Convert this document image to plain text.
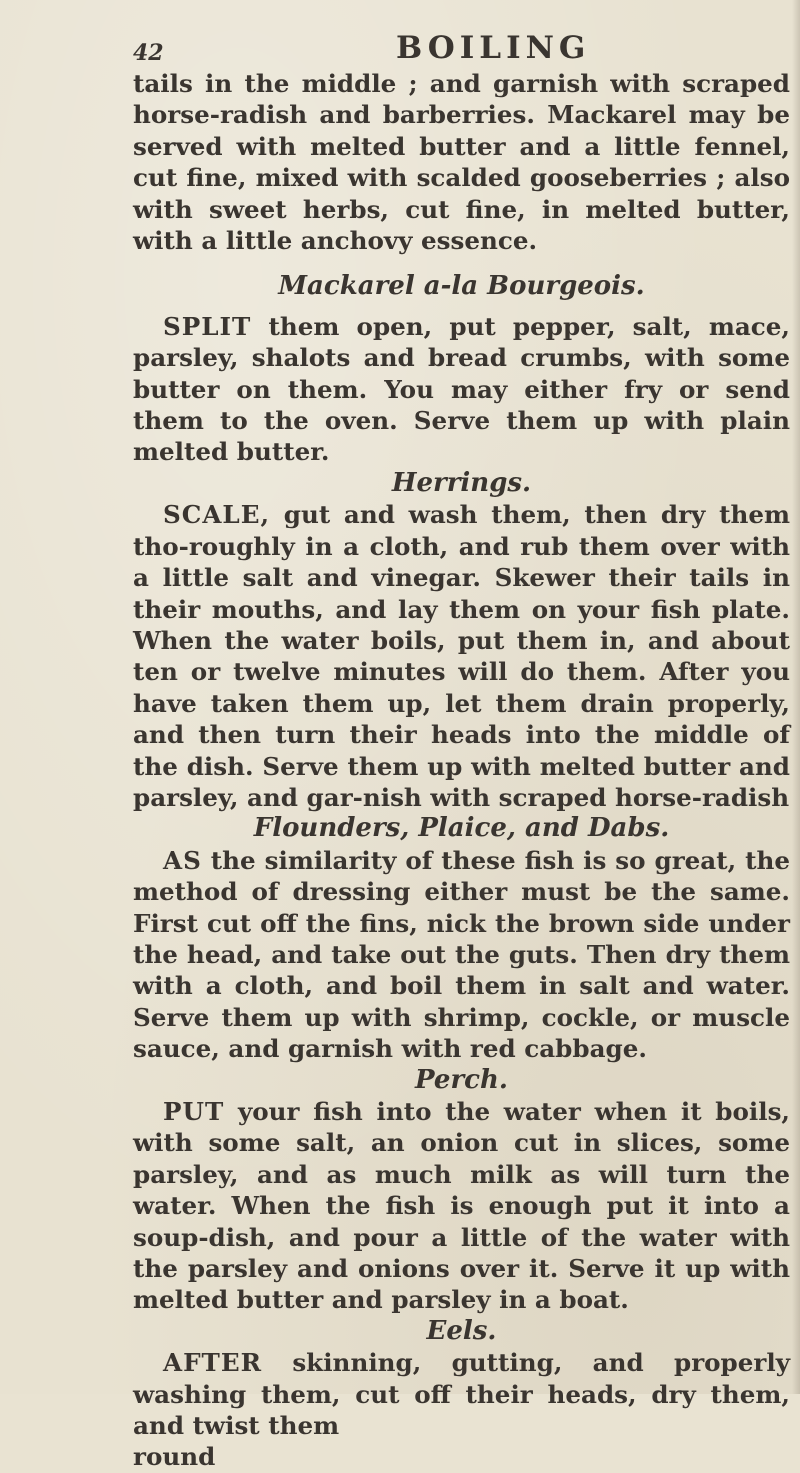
42	BOILING

tails in the middle ; and garnish with scraped horse-radish and barberries. Mackarel may be served with melted butter and a little fennel, cut fine, mixed with scalded gooseberries ; also with sweet herbs, cut fine, in melted butter, with a little anchovy essence.

Mackarel a-la Bourgeois.

SPLIT them open, put pepper, salt, mace, parsley, shalots and bread crumbs, with some butter on them. You may either fry or send them to the oven. Serve them up with plain melted butter.

Herrings.

SCALE, gut and wash them, then dry them tho-roughly in a cloth, and rub them over with a little salt and vinegar. Skewer their tails in their mouths, and lay them on your fish plate. When the water boils, put them in, and about ten or twelve minutes will do them. After you have taken them up, let them drain properly, and then turn their heads into the middle of the dish. Serve them up with melted butter and parsley, and gar-nish with scraped horse-radish

Flounders, Plaice, and Dabs.

AS the similarity of these fish is so great, the method of dressing either must be the same. First cut off the fins, nick the brown side under the head, and take out the guts. Then dry them with a cloth, and boil them in salt and water. Serve them up with shrimp, cockle, or muscle sauce, and garnish with red cabbage.

Perch.

PUT your fish into the water when it boils, with some salt, an onion cut in slices, some parsley, and as much milk as will turn the water. When the fish is enough put it into a soup-dish, and pour a little of the water with the parsley and onions over it. Serve it up with melted butter and parsley in a boat.

Eels.

AFTER skinning, gutting, and properly washing them, cut off their heads, dry them, and twist them

round
